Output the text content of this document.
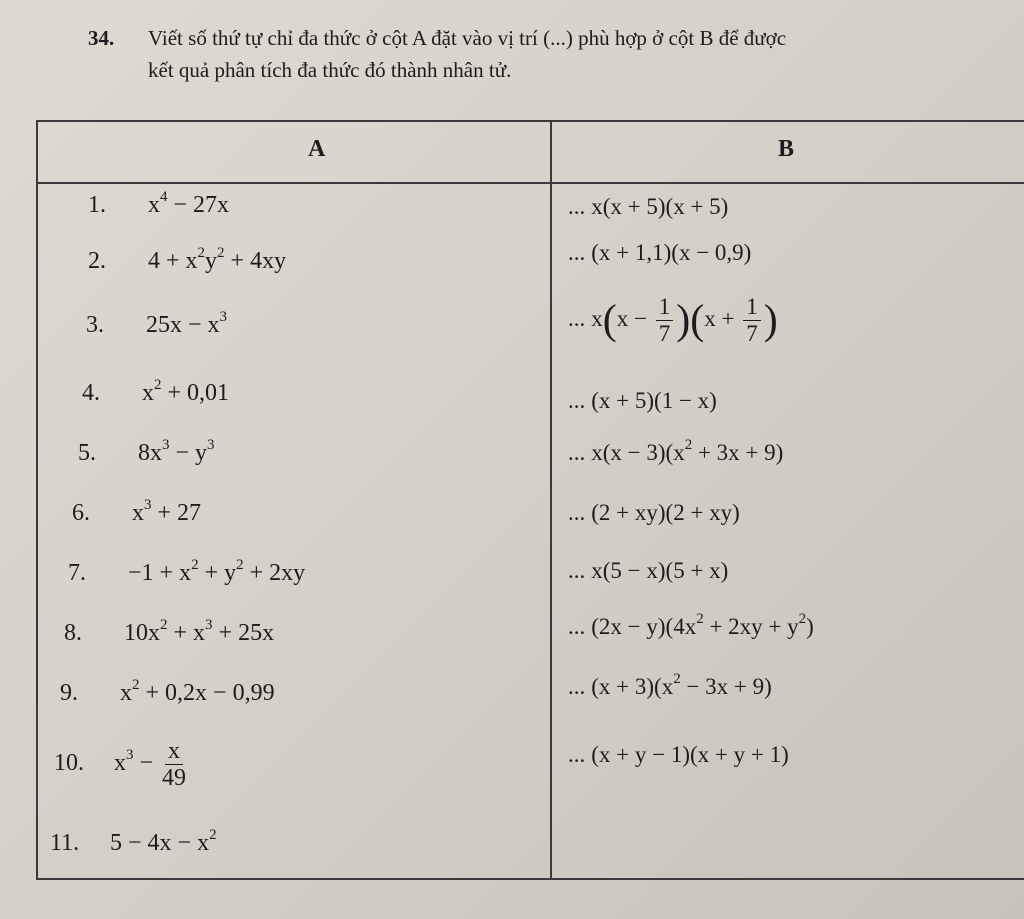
34. Viết số thứ tự chỉ đa thức ở cột A đặt vào vị trí (...) phù hợp ở cột B để được
kết quả phân tích đa thức đó thành nhân tử.
A	B
1. $x^4 - 27x$
2. $4 + x^2y^2 + 4xy$
3. $25x - x^3$
4. $x^2 + 0,01$
5. $8x^3 - y^3$
6. $x^3 + 27$
7. $-1 + x^2 + y^2 + 2xy$
8. $10x^2 + x^3 + 25x$
9. $x^2 + 0,2x - 0,99$
10. $x^3 - \frac{x}{49}$
11. $5 - 4x - x^2$
... x(x + 5)(x + 5)
... (x + 1,1)(x − 0,9)
... $x(x - \frac{1}{7} )(x + \frac{1}{7}$ )
... (x + 5)(1 − x)
... $x(x - 3)(x^2 + 3x + 9)$
... (2 + xy)(2 + xy)
... x(5 − x)(5 + x)
... $(2x - y)(4x^2 + 2xy + y^2)$
... $(x + 3)(x^2 - 3x + 9)$
... (x + y − 1)(x + y + 1)
